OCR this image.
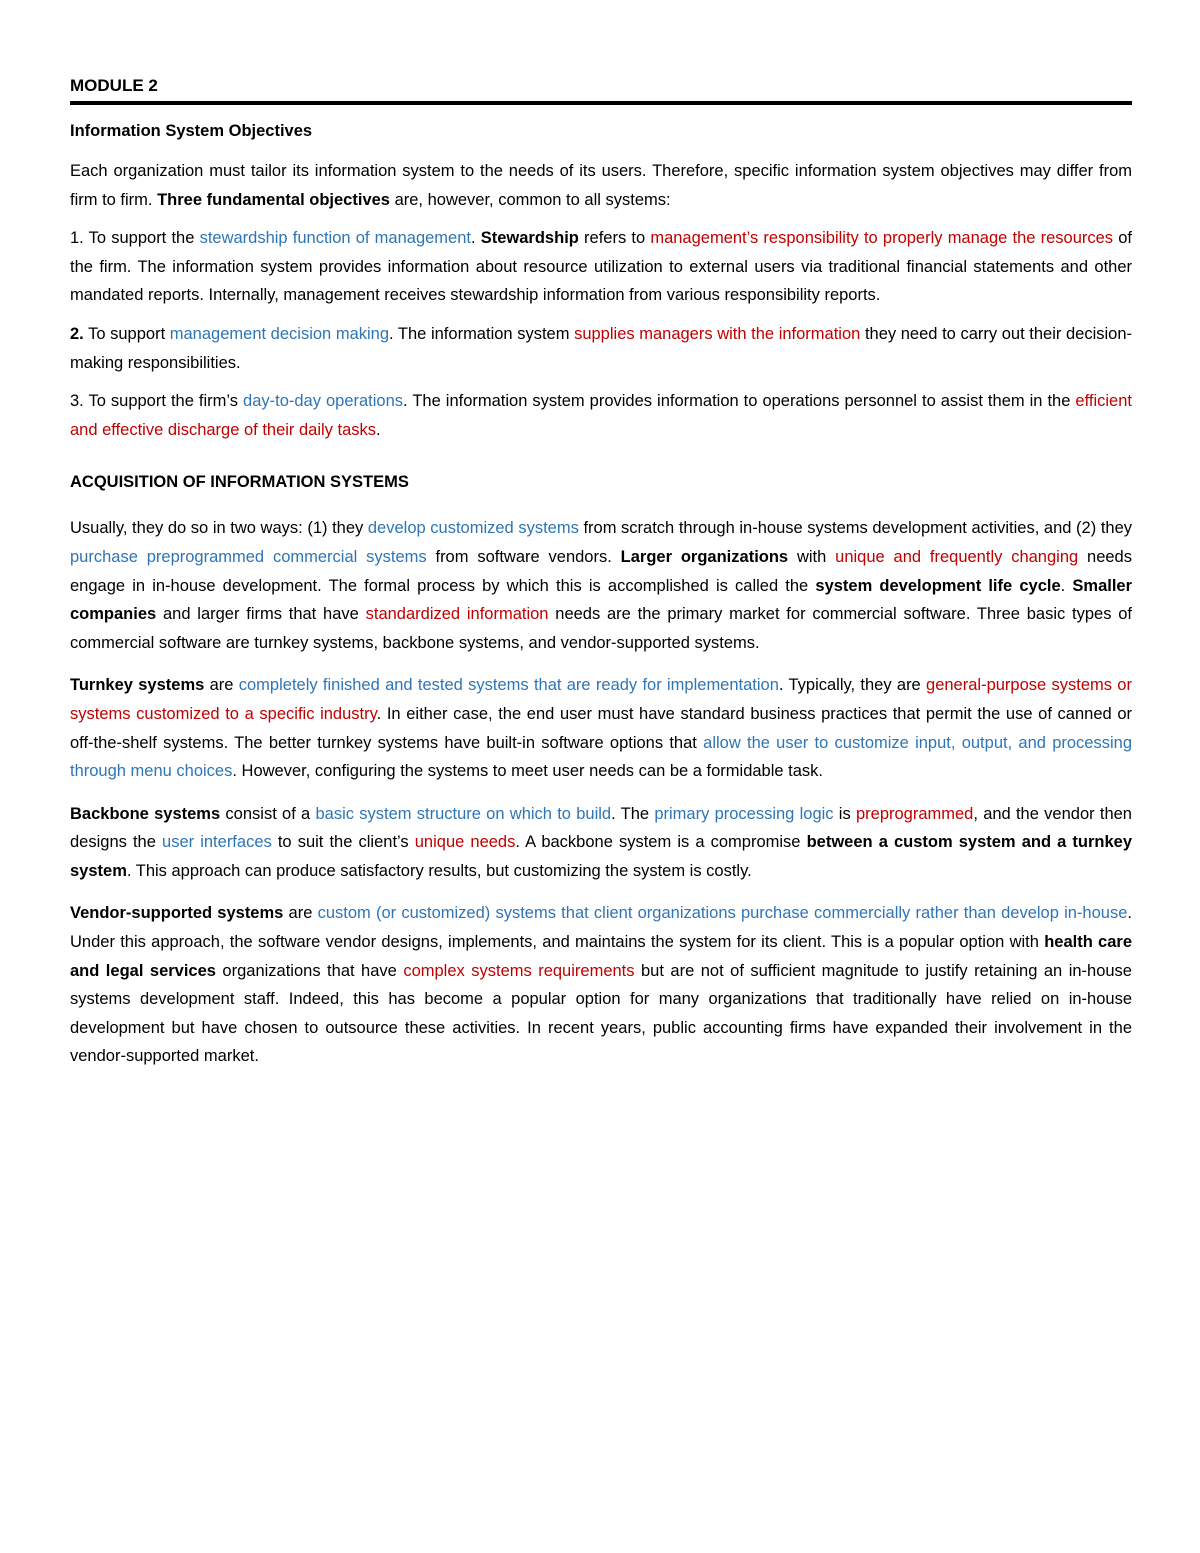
MODULE 2
Information System Objectives

Each organization must tailor its information system to the needs of its users. Therefore, specific information system objectives may differ from firm to firm. Three fundamental objectives are, however, common to all systems:

1. To support the stewardship function of management. Stewardship refers to management’s responsibility to properly manage the resources of the firm. The information system provides information about resource utilization to external users via traditional financial statements and other mandated reports. Internally, management receives stewardship information from various responsibility reports.

2. To support management decision making. The information system supplies managers with the information they need to carry out their decision-making responsibilities.

3. To support the firm’s day-to-day operations. The information system provides information to operations personnel to assist them in the efficient and effective discharge of their daily tasks.

ACQUISITION OF INFORMATION SYSTEMS

Usually, they do so in two ways: (1) they develop customized systems from scratch through in-house systems development activities, and (2) they purchase preprogrammed commercial systems from software vendors. Larger organizations with unique and frequently changing needs engage in in-house development. The formal process by which this is accomplished is called the system development life cycle. Smaller companies and larger firms that have standardized information needs are the primary market for commercial software. Three basic types of commercial software are turnkey systems, backbone systems, and vendor-supported systems.

Turnkey systems are completely finished and tested systems that are ready for implementation. Typically, they are general-purpose systems or systems customized to a specific industry. In either case, the end user must have standard business practices that permit the use of canned or off-the-shelf systems. The better turnkey systems have built-in software options that allow the user to customize input, output, and processing through menu choices. However, configuring the systems to meet user needs can be a formidable task.

Backbone systems consist of a basic system structure on which to build. The primary processing logic is preprogrammed, and the vendor then designs the user interfaces to suit the client’s unique needs. A backbone system is a compromise between a custom system and a turnkey system. This approach can produce satisfactory results, but customizing the system is costly.

Vendor-supported systems are custom (or customized) systems that client organizations purchase commercially rather than develop in-house. Under this approach, the software vendor designs, implements, and maintains the system for its client. This is a popular option with health care and legal services organizations that have complex systems requirements but are not of sufficient magnitude to justify retaining an in-house systems development staff. Indeed, this has become a popular option for many organizations that traditionally have relied on in-house development but have chosen to outsource these activities. In recent years, public accounting firms have expanded their involvement in the vendor-supported market.
